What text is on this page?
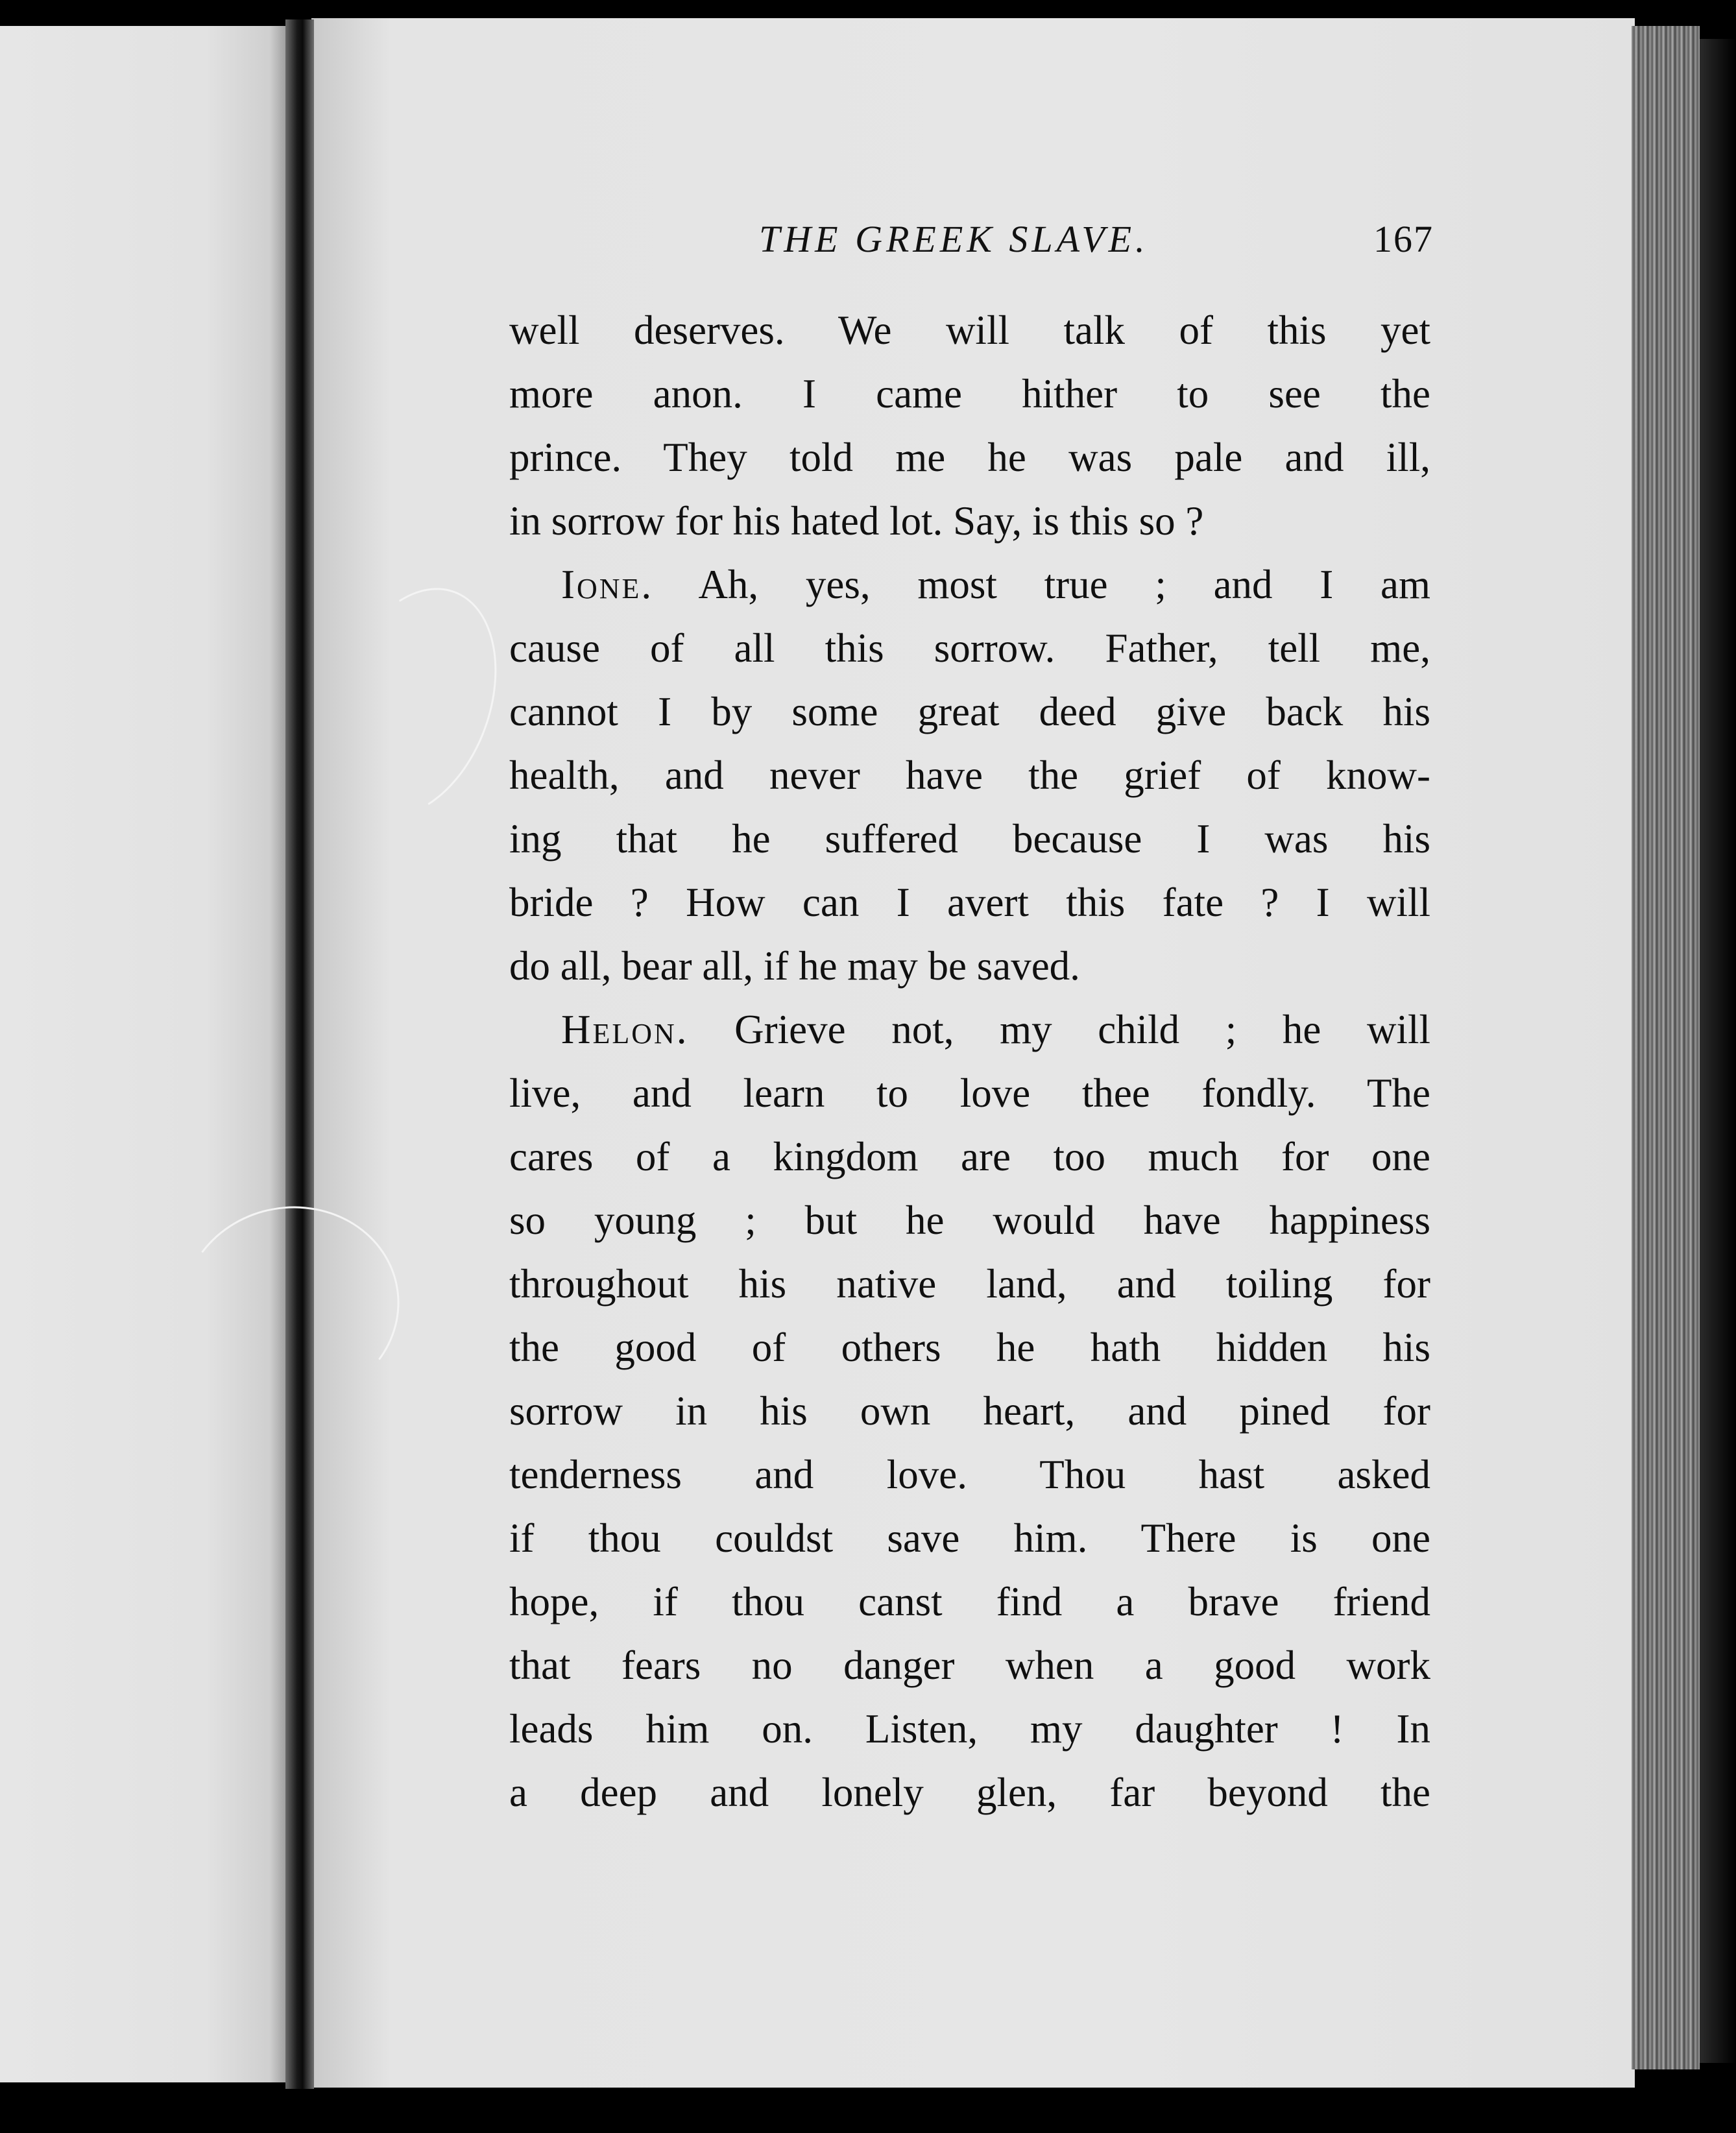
THE GREEK SLAVE.	167
well deserves. We will talk of this yet
more anon. I came hither to see the
prince. They told me he was pale and ill,
in sorrow for his hated lot. Say, is this so ?
Ione. Ah, yes, most true ; and I am
cause of all this sorrow. Father, tell me,
cannot I by some great deed give back his
health, and never have the grief of know-
ing that he suffered because I was his
bride ? How can I avert this fate ? I will
do all, bear all, if he may be saved.
Helon. Grieve not, my child ; he will
live, and learn to love thee fondly. The
cares of a kingdom are too much for one
so young ; but he would have happiness
throughout his native land, and toiling for
the good of others he hath hidden his
sorrow in his own heart, and pined for
tenderness and love. Thou hast asked
if thou couldst save him. There is one
hope, if thou canst find a brave friend
that fears no danger when a good work
leads him on. Listen, my daughter ! In
a deep and lonely glen, far beyond the
